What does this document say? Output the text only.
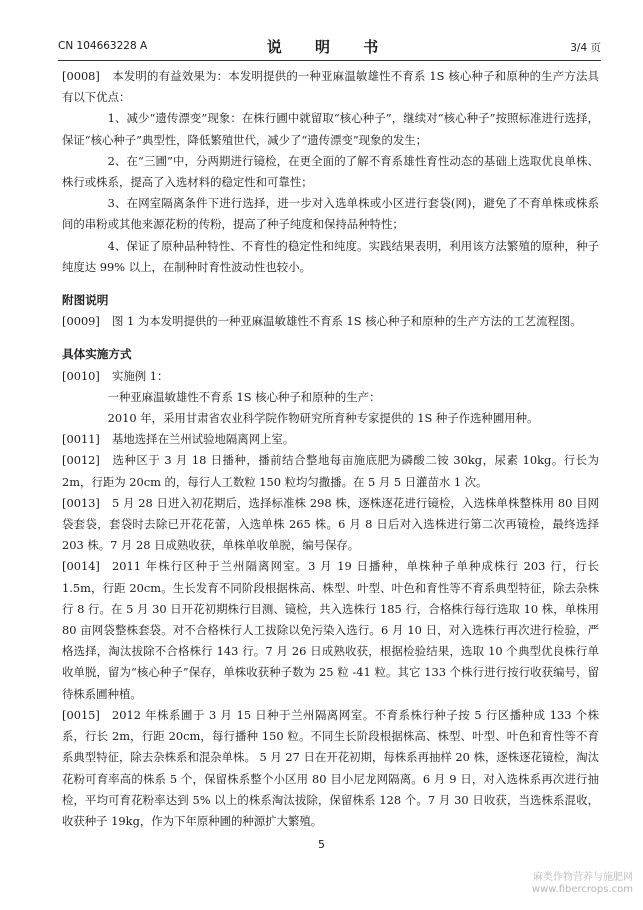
CN 104663228 A	说 明 书	3/4 页

[0008] 本发明的有益效果为：本发明提供的一种亚麻温敏雄性不育系 1S 核心种子和原种的生产方法具有以下优点：

1、减少“遗传漂变”现象：在株行圃中就留取“核心种子”，继续对“核心种子”按照标准进行选择，保证“核心种子”典型性，降低繁殖世代，减少了“遗传漂变”现象的发生；

2、在“三圃”中，分两期进行镜检，在更全面的了解不育系雄性育性动态的基础上选取优良单株、株行或株系，提高了入选材料的稳定性和可靠性；

3、在网室隔离条件下进行选择，进一步对入选单株或小区进行套袋(网)，避免了不育单株或株系间的串粉或其他来源花粉的传粉，提高了种子纯度和保持品种特性；

4、保证了原种品种特性、不育性的稳定性和纯度。实践结果表明，利用该方法繁殖的原种，种子纯度达 99% 以上，在制种时育性波动性也较小。

附图说明

[0009] 图 1 为本发明提供的一种亚麻温敏雄性不育系 1S 核心种子和原种的生产方法的工艺流程图。

具体实施方式

[0010] 实施例 1：

一种亚麻温敏雄性不育系 1S 核心种子和原种的生产：

2010 年，采用甘肃省农业科学院作物研究所育种专家提供的 1S 种子作选种圃用种。

[0011] 基地选择在兰州试验地隔离网上室。

[0012] 选种区于 3 月 18 日播种，播前结合整地每亩施底肥为磷酸二铵 30kg，尿素 10kg。行长为 2m，行距为 20cm 的，每行人工数粒 150 粒均匀撒播。在 5 月 5 日灌苗水 1 次。

[0013] 5 月 28 日进入初花期后，选择标准株 298 株，逐株逐花进行镜检，入选株单株整株用 80 目网袋套袋，套袋时去除已开花花蕾，入选单株 265 株。6 月 8 日后对入选株进行第二次再镜检，最终选择 203 株。7 月 28 日成熟收获，单株单收单脱，编号保存。

[0014] 2011 年株行区种于兰州隔离网室。3 月 19 日播种，单株种子单种成株行 203 行，行长 1.5m，行距 20cm。生长发育不同阶段根据株高、株型、叶型、叶色和育性等不育系典型特征，除去杂株行 8 行。在 5 月 30 日开花初期株行目测、镜检，共入选株行 185 行，合格株行每行选取 10 株，单株用 80 亩网袋整株套袋。对不合格株行人工拔除以免污染入选行。6 月 10 日，对入选株行再次进行检验，严格选择，淘汰拔除不合格株行 143 行。7 月 26 日成熟收获，根据检验结果，选取 10 个典型优良株行单收单脱，留为“核心种子”保存，单株收获种子数为 25 粒 -41 粒。其它 133 个株行进行按行收获编号，留待株系圃种植。

[0015] 2012 年株系圃于 3 月 15 日种于兰州隔离网室。不育系株行种子按 5 行区播种成 133 个株系，行长 2m，行距 20cm，每行播种 150 粒。不同生长阶段根据株高、株型、叶型、叶色和育性等不育系典型特征，除去杂株系和混杂单株。 5 月 27 日在开花初期，每株系再抽样 20 株，逐株逐花镜检，淘汰花粉可育率高的株系 5 个，保留株系整个小区用 80 目小尼龙网隔离。6 月 9 日，对入选株系再次进行抽检，平均可育花粉率达到 5% 以上的株系淘汰拔除，保留株系 128 个。7 月 30 日收获，当选株系混收，收获种子 19kg，作为下年原种圃的种源扩大繁殖。

5
麻类作物营养与施肥网
www.fibercrops.com
